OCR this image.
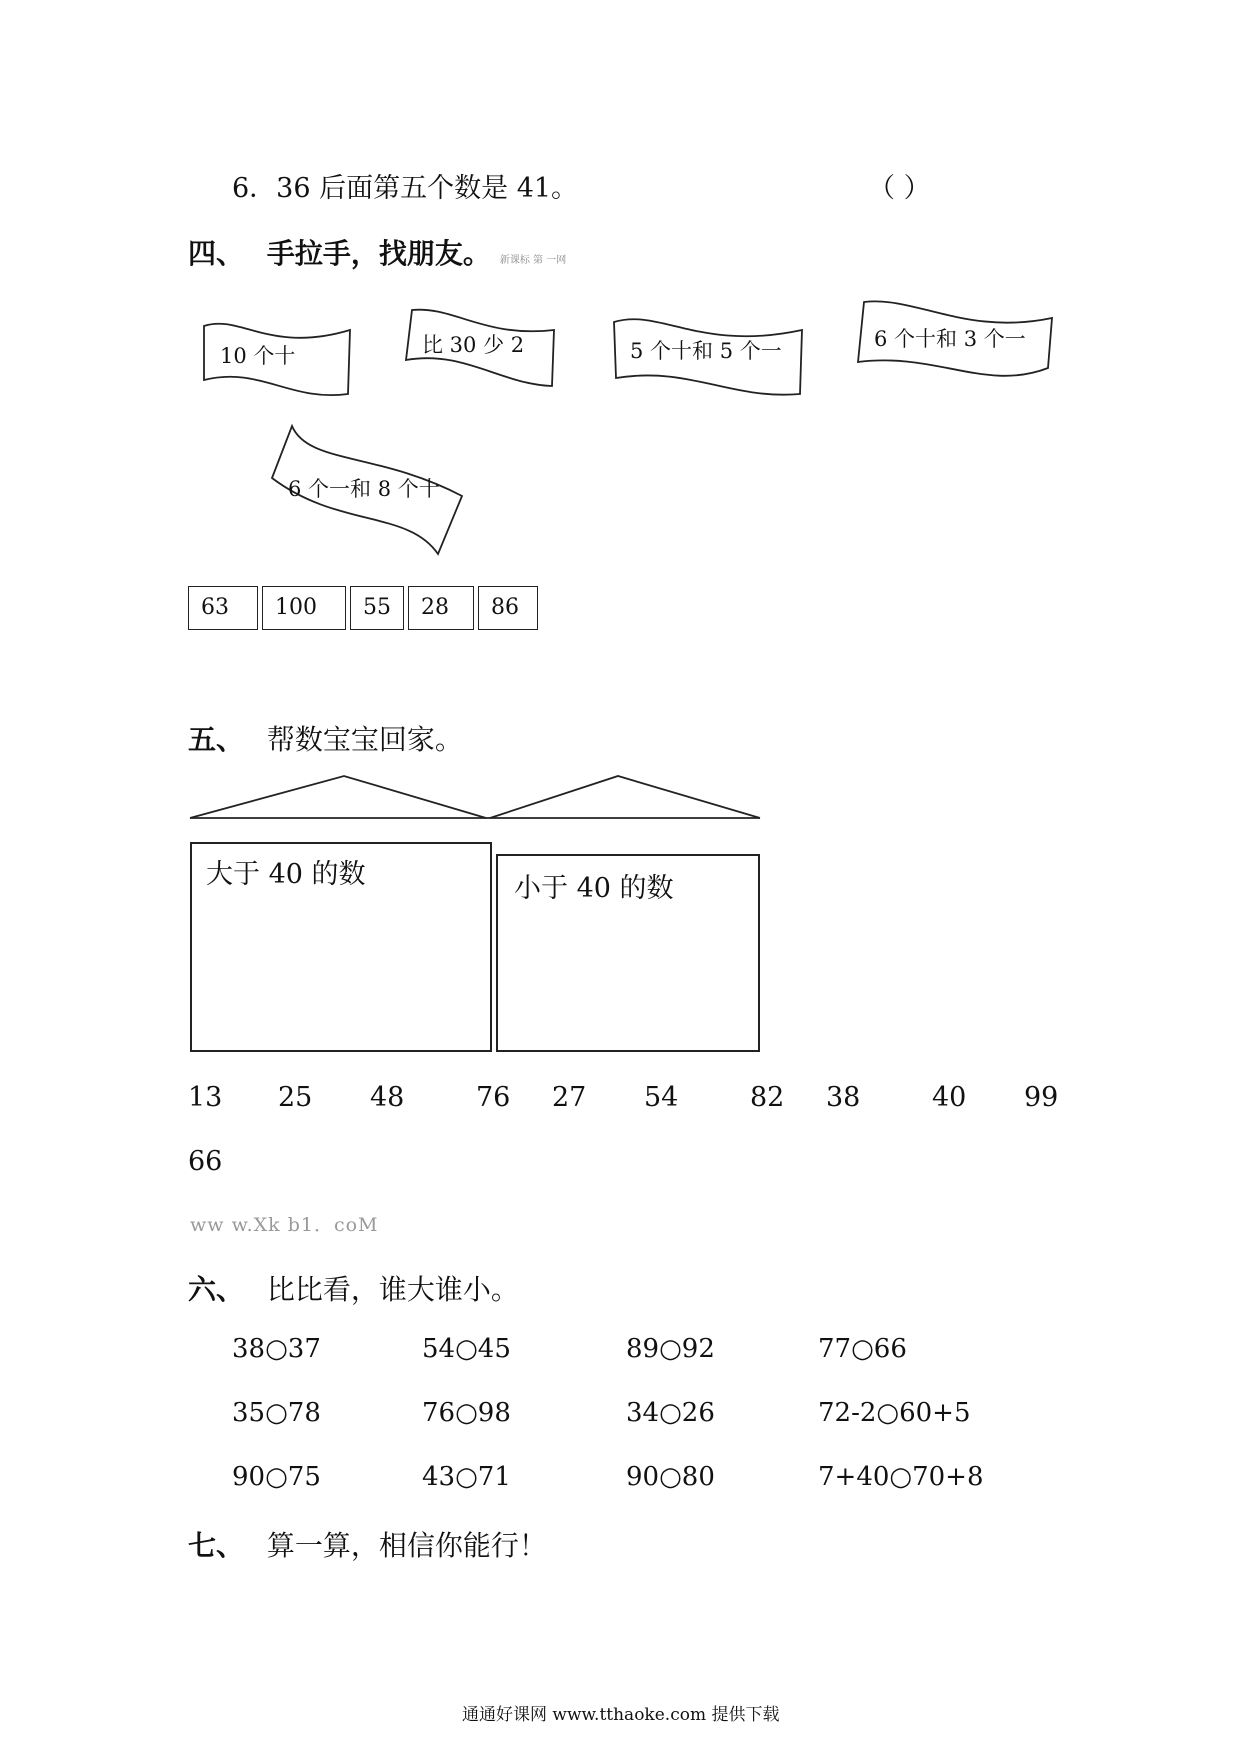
6．36 后面第五个数是 41。	（ ）
四、 手拉手，找朋友。 新课标 第 一网
10 个十	比 30 少 2	5 个十和 5 个一	6 个十和 3 个一
6 个一和 8 个十
63	100	55	28	86
五、 帮数宝宝回家。
大于 40 的数	小于 40 的数
13 25 48	76 27 54	82 38	40 99
66
ww w.Xk b1．coM
六、 比比看，谁大谁小。
38○37	54○45	89○92	77○66
35○78	76○98	34○26	72-2○60+5
90○75	43○71	90○80	7+40○70+8
七、 算一算，相信你能行！
通通好课网 www.tthaoke.com 提供下载
